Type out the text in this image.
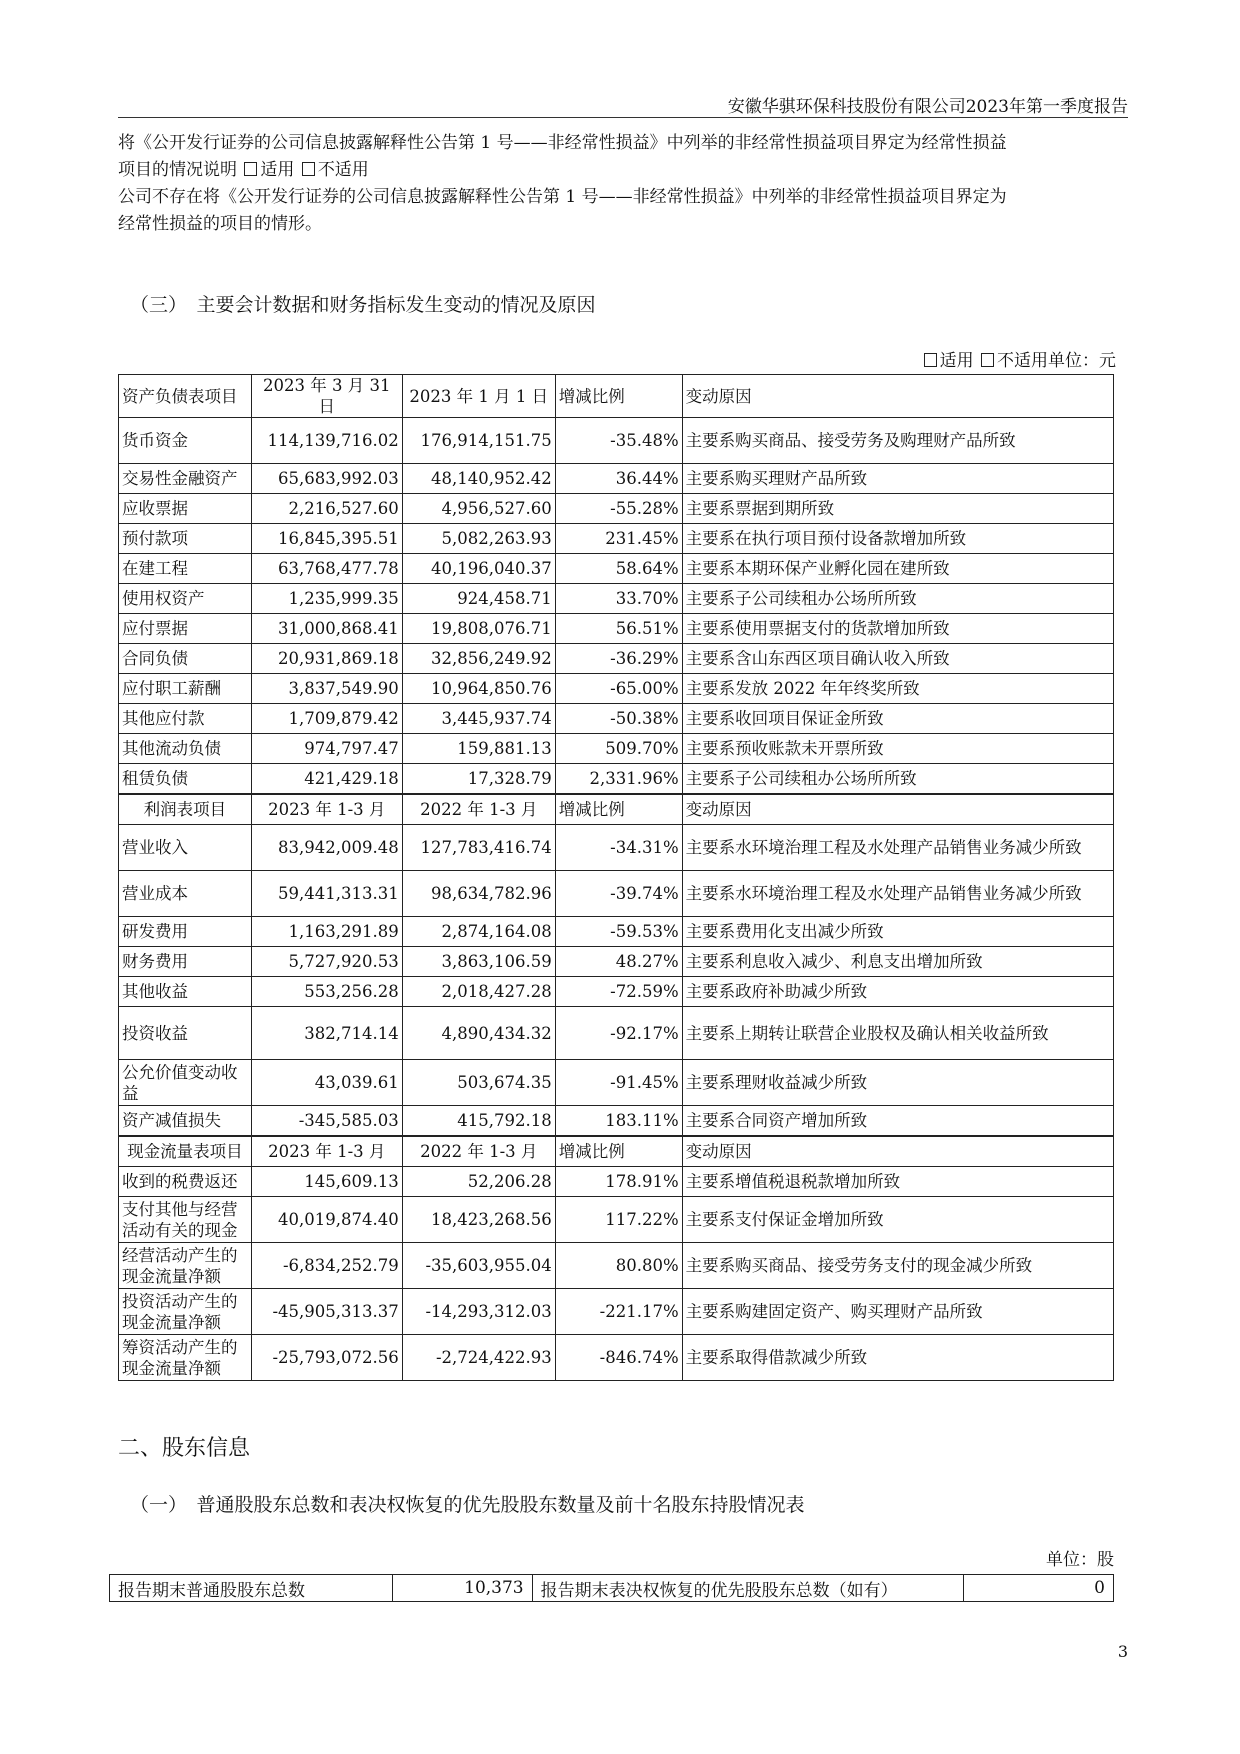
安徽华骐环保科技股份有限公司2023年第一季度报告
将《公开发行证券的公司信息披露解释性公告第 1 号——非经常性损益》中列举的非经常性损益项目界定为经常性损益
项目的情况说明 适用 不适用
公司不存在将《公开发行证券的公司信息披露解释性公告第 1 号——非经常性损益》中列举的非经常性损益项目界定为
经常性损益的项目的情形。
（三）　主要会计数据和财务指标发生变动的情况及原因
适用 不适用单位：元
资产负债表项目	2023 年 3 月 31 日	2023 年 1 月 1 日	增减比例	变动原因
货币资金	114,139,716.02	176,914,151.75	-35.48%	主要系购买商品、接受劳务及购理财产品所致
交易性金融资产	65,683,992.03	48,140,952.42	36.44%	主要系购买理财产品所致
应收票据	2,216,527.60	4,956,527.60	-55.28%	主要系票据到期所致
预付款项	16,845,395.51	5,082,263.93	231.45%	主要系在执行项目预付设备款增加所致
在建工程	63,768,477.78	40,196,040.37	58.64%	主要系本期环保产业孵化园在建所致
使用权资产	1,235,999.35	924,458.71	33.70%	主要系子公司续租办公场所所致
应付票据	31,000,868.41	19,808,076.71	56.51%	主要系使用票据支付的货款增加所致
合同负债	20,931,869.18	32,856,249.92	-36.29%	主要系含山东西区项目确认收入所致
应付职工薪酬	3,837,549.90	10,964,850.76	-65.00%	主要系发放 2022 年年终奖所致
其他应付款	1,709,879.42	3,445,937.74	-50.38%	主要系收回项目保证金所致
其他流动负债	974,797.47	159,881.13	509.70%	主要系预收账款未开票所致
租赁负债	421,429.18	17,328.79	2,331.96%	主要系子公司续租办公场所所致
利润表项目	2023 年 1-3 月	2022 年 1-3 月	增减比例	变动原因
营业收入	83,942,009.48	127,783,416.74	-34.31%	主要系水环境治理工程及水处理产品销售业务减少所致
营业成本	59,441,313.31	98,634,782.96	-39.74%	主要系水环境治理工程及水处理产品销售业务减少所致
研发费用	1,163,291.89	2,874,164.08	-59.53%	主要系费用化支出减少所致
财务费用	5,727,920.53	3,863,106.59	48.27%	主要系利息收入减少、利息支出增加所致
其他收益	553,256.28	2,018,427.28	-72.59%	主要系政府补助减少所致
投资收益	382,714.14	4,890,434.32	-92.17%	主要系上期转让联营企业股权及确认相关收益所致
公允价值变动收益	43,039.61	503,674.35	-91.45%	主要系理财收益减少所致
资产减值损失	-345,585.03	415,792.18	183.11%	主要系合同资产增加所致
现金流量表项目	2023 年 1-3 月	2022 年 1-3 月	增减比例	变动原因
收到的税费返还	145,609.13	52,206.28	178.91%	主要系增值税退税款增加所致
支付其他与经营活动有关的现金	40,019,874.40	18,423,268.56	117.22%	主要系支付保证金增加所致
经营活动产生的现金流量净额	-6,834,252.79	-35,603,955.04	80.80%	主要系购买商品、接受劳务支付的现金减少所致
投资活动产生的现金流量净额	-45,905,313.37	-14,293,312.03	-221.17%	主要系购建固定资产、购买理财产品所致
筹资活动产生的现金流量净额	-25,793,072.56	-2,724,422.93	-846.74%	主要系取得借款减少所致
二、股东信息
（一）　普通股股东总数和表决权恢复的优先股股东数量及前十名股东持股情况表
单位：股
报告期末普通股股东总数	10,373	报告期末表决权恢复的优先股股东总数（如有）	0
3
